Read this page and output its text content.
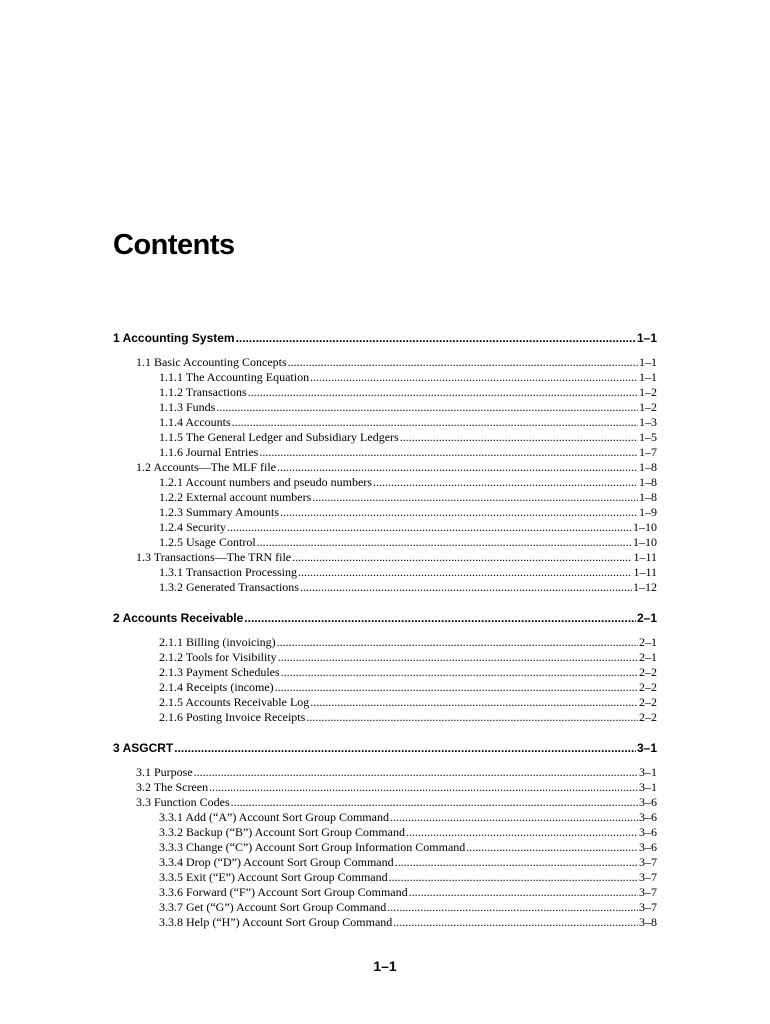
Contents
1 Accounting System .....	1–1
1.1 Basic Accounting Concepts .....	1–1
1.1.1 The Accounting Equation .....	1–1
1.1.2 Transactions .....	1–2
1.1.3 Funds .....	1–2
1.1.4 Accounts .....	1–3
1.1.5 The General Ledger and Subsidiary Ledgers .....	1–5
1.1.6 Journal Entries .....	1–7
1.2 Accounts—The MLF file .....	1–8
1.2.1 Account numbers and pseudo numbers .....	1–8
1.2.2 External account numbers .....	1–8
1.2.3 Summary Amounts .....	1–9
1.2.4 Security .....	1–10
1.2.5 Usage Control .....	1–10
1.3 Transactions—The TRN file .....	1–11
1.3.1 Transaction Processing .....	1–11
1.3.2 Generated Transactions .....	1–12
2 Accounts Receivable .....	2–1
2.1.1 Billing (invoicing) .....	2–1
2.1.2 Tools for Visibility .....	2–1
2.1.3 Payment Schedules .....	2–2
2.1.4 Receipts (income) .....	2–2
2.1.5 Accounts Receivable Log .....	2–2
2.1.6 Posting Invoice Receipts .....	2–2
3 ASGCRT .....	3–1
3.1 Purpose .....	3–1
3.2 The Screen .....	3–1
3.3 Function Codes .....	3–6
3.3.1 Add (“A”) Account Sort Group Command .....	3–6
3.3.2 Backup (“B”) Account Sort Group Command .....	3–6
3.3.3 Change (“C”) Account Sort Group Information Command .....	3–6
3.3.4 Drop (“D”) Account Sort Group Command .....	3–7
3.3.5 Exit (“E”) Account Sort Group Command .....	3–7
3.3.6 Forward (“F”) Account Sort Group Command .....	3–7
3.3.7 Get (“G”) Account Sort Group Command .....	3–7
3.3.8 Help (“H”) Account Sort Group Command .....	3–8
1–1
